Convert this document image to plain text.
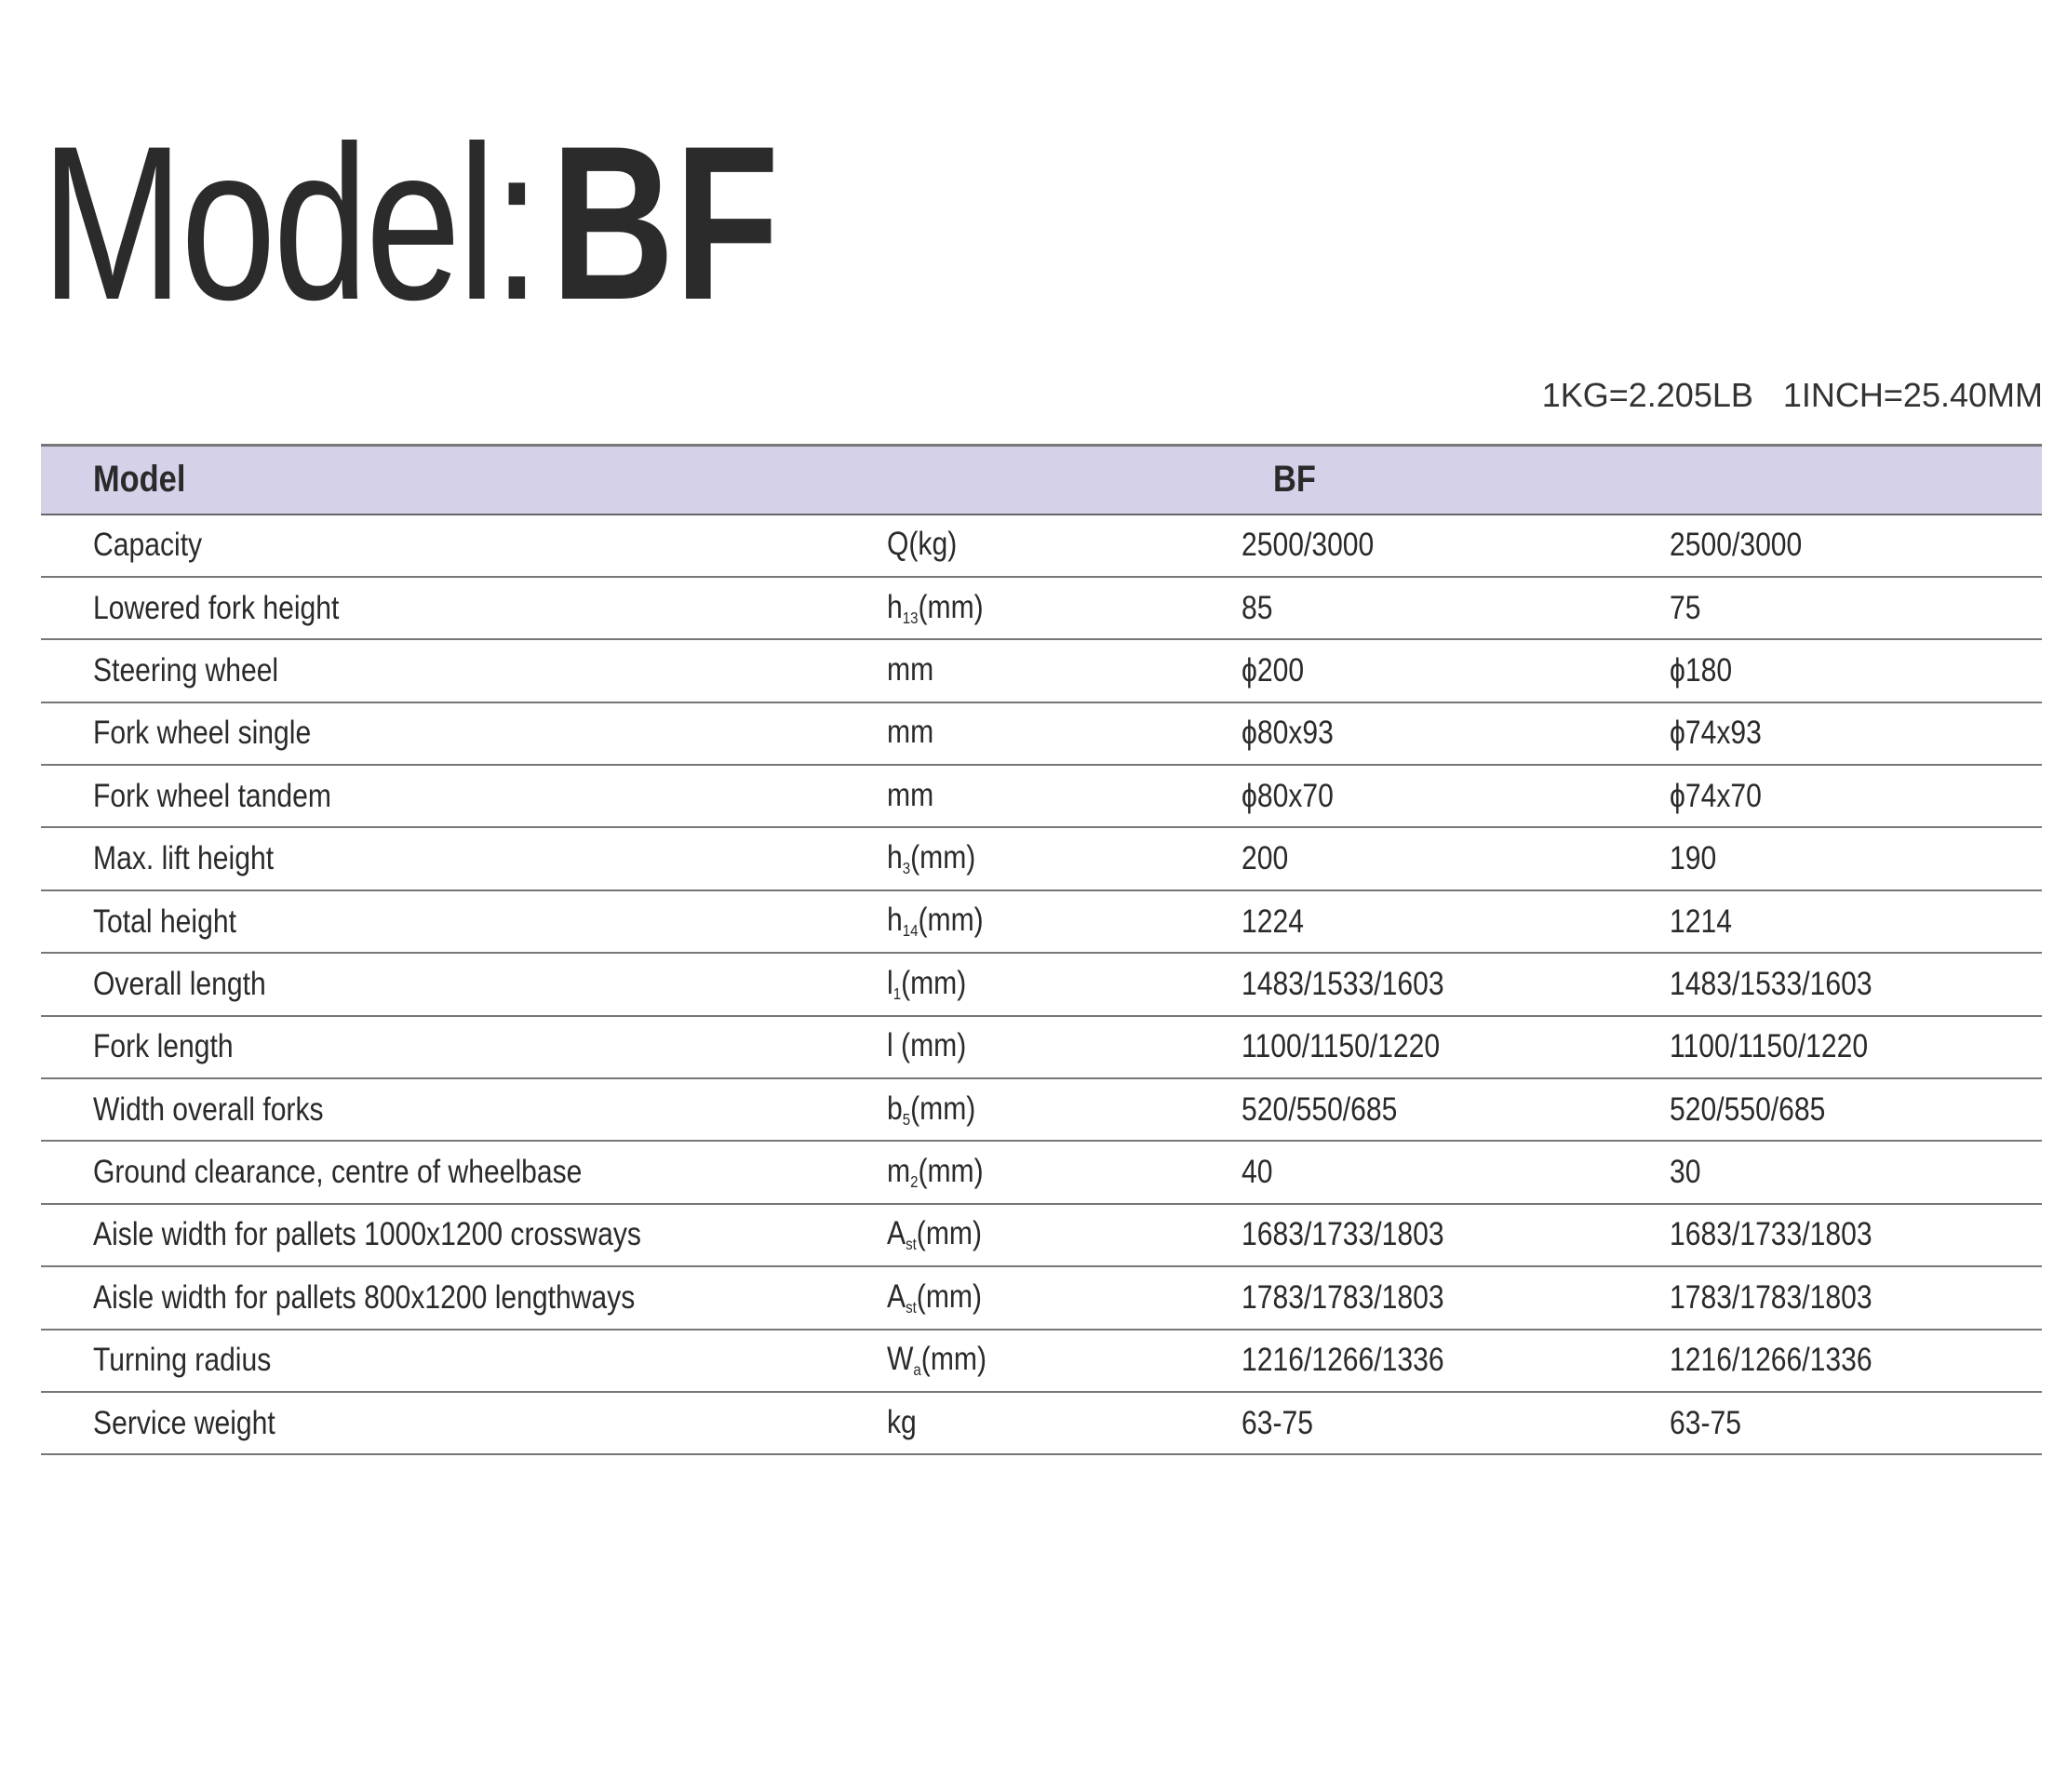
Model:BF
1KG=2.205LB 1INCH=25.40MM
Model	BF		
Capacity	Q(kg)	2500/3000	2500/3000
Lowered fork height	$h_{13}(mm)$	85	75
Steering wheel	mm	ϕ200	ϕ180
Fork wheel single	mm	ϕ80x93	ϕ74x93
Fork wheel tandem	mm	ϕ80x70	ϕ74x70
Max. lift height	$h_3(mm)$	200	190
Total height	$h_{14}(mm)$	1224	1214
Overall length	$l_1(mm)$	1483/1533/1603	1483/1533/1603
Fork length	l (mm)	1100/1150/1220	1100/1150/1220
Width overall forks	$b_5(mm)$	520/550/685	520/550/685
Ground clearance, centre of wheelbase	$m_2(mm)$	40	30
Aisle width for pallets 1000x1200 crossways	$A_{st}(mm)$	1683/1733/1803	1683/1733/1803
Aisle width for pallets 800x1200 lengthways	$A_{st}(mm)$	1783/1783/1803	1783/1783/1803
Turning radius	$W_a(mm)$	1216/1266/1336	1216/1266/1336
Service weight	kg	63-75	63-75
